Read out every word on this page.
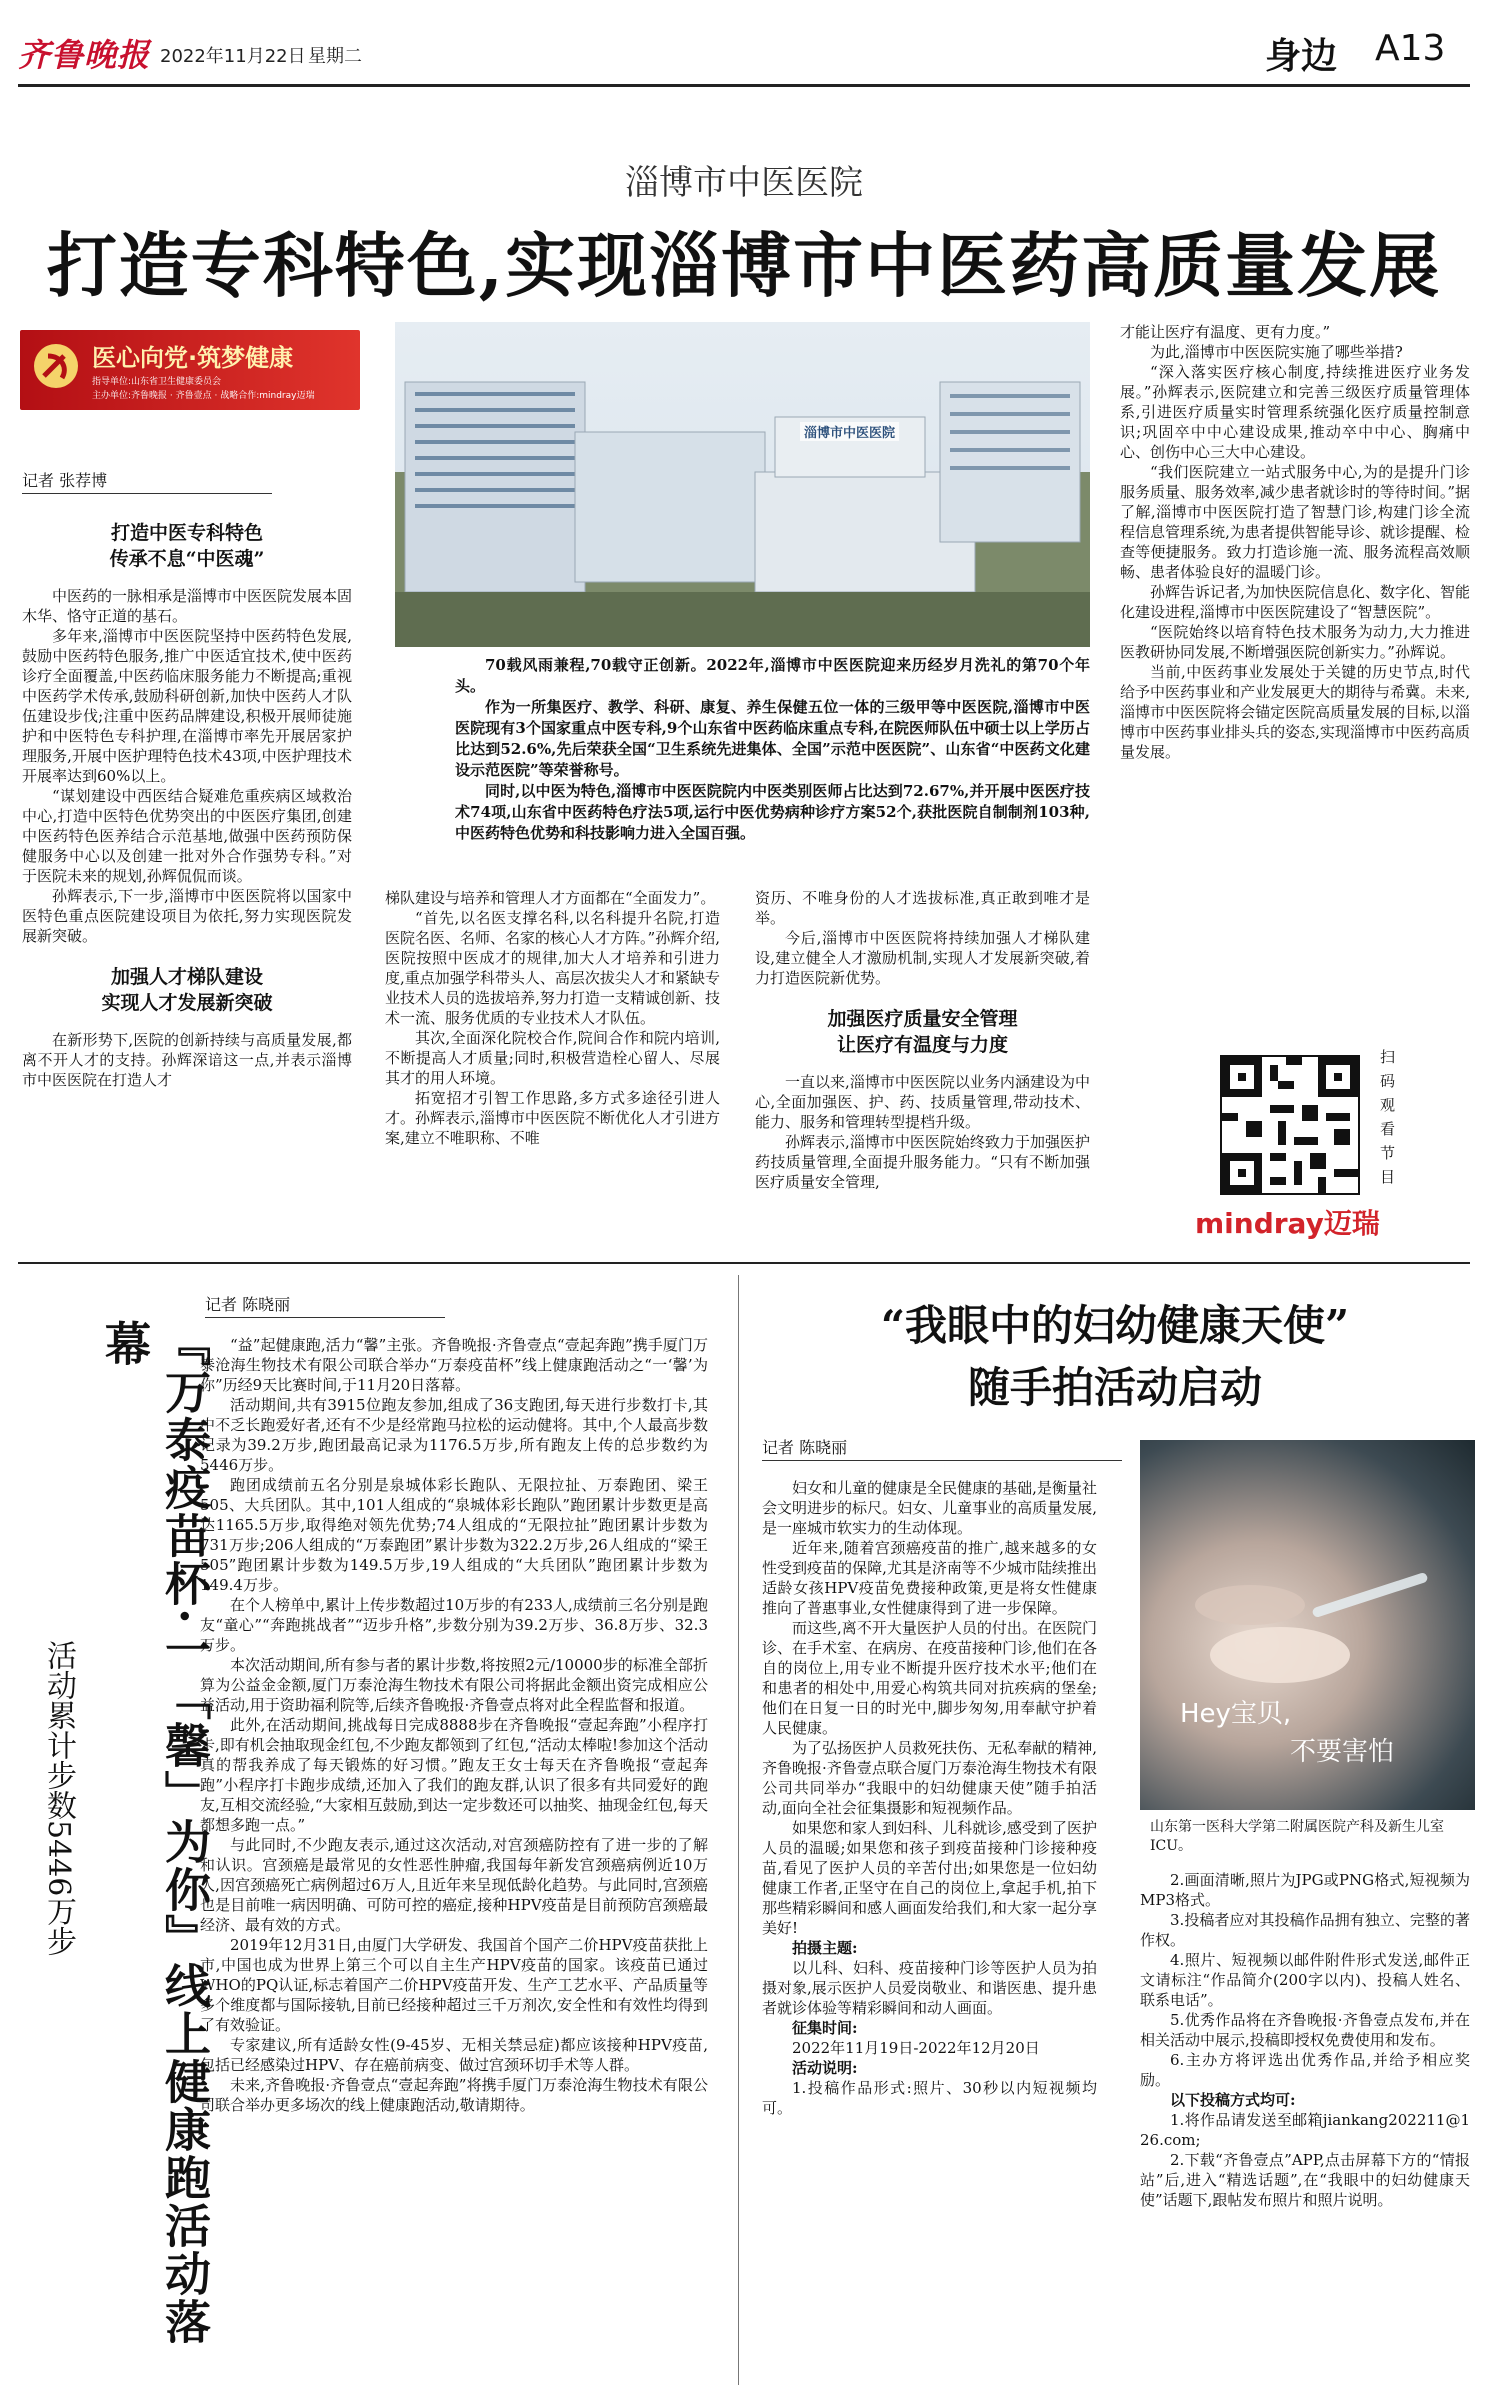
齐鲁晚报 2022年11月22日 星期二	身边 A13
淄博市中医医院
打造专科特色,实现淄博市中医药高质量发展
医心向党·筑梦健康
指导单位:山东省卫生健康委员会
主办单位:齐鲁晚报 · 齐鲁壹点 · 战略合作:mindray迈瑞
记者 张荐博
淄博市中医医院

70载风雨兼程,70载守正创新。2022年,淄博市中医医院迎来历经岁月洗礼的第70个年头。

作为一所集医疗、教学、科研、康复、养生保健五位一体的三级甲等中医医院,淄博市中医医院现有3个国家重点中医专科,9个山东省中医药临床重点专科,在院医师队伍中硕士以上学历占比达到52.6%,先后荣获全国“卫生系统先进集体、全国”示范中医医院”、山东省“中医药文化建设示范医院”等荣誉称号。

同时,以中医为特色,淄博市中医医院院内中医类别医师占比达到72.67%,并开展中医医疗技术74项,山东省中医药特色疗法5项,运行中医优势病种诊疗方案52个,获批医院自制制剂103种,中医药特色优势和科技影响力进入全国百强。

打造中医专科特色
传承不息“中医魂”

中医药的一脉相承是淄博市中医医院发展本固木华、恪守正道的基石。

多年来,淄博市中医医院坚持中医药特色发展,鼓励中医药特色服务,推广中医适宜技术,使中医药诊疗全面覆盖,中医药临床服务能力不断提高;重视中医药学术传承,鼓励科研创新,加快中医药人才队伍建设步伐;注重中医药品牌建设,积极开展师徒施护和中医特色专科护理,在淄博市率先开展居家护理服务,开展中医护理特色技术43项,中医护理技术开展率达到60%以上。

“谋划建设中西医结合疑难危重疾病区域救治中心,打造中医特色优势突出的中医医疗集团,创建中医药特色医养结合示范基地,做强中医药预防保健服务中心以及创建一批对外合作强势专科。”对于医院未来的规划,孙辉侃侃而谈。

孙辉表示,下一步,淄博市中医医院将以国家中医特色重点医院建设项目为依托,努力实现医院发展新突破。

加强人才梯队建设
实现人才发展新突破

在新形势下,医院的创新持续与高质量发展,都离不开人才的支持。孙辉深谙这一点,并表示淄博市中医医院在打造人才

梯队建设与培养和管理人才方面都在“全面发力”。

“首先,以名医支撑名科,以名科提升名院,打造医院名医、名师、名家的核心人才方阵。”孙辉介绍,医院按照中医成才的规律,加大人才培养和引进力度,重点加强学科带头人、高层次拔尖人才和紧缺专业技术人员的选拔培养,努力打造一支精诚创新、技术一流、服务优质的专业技术人才队伍。

其次,全面深化院校合作,院间合作和院内培训,不断提高人才质量;同时,积极营造栓心留人、尽展其才的用人环境。

拓宽招才引智工作思路,多方式多途径引进人才。孙辉表示,淄博市中医医院不断优化人才引进方案,建立不唯职称、不唯

资历、不唯身份的人才选拔标准,真正敢到唯才是举。

今后,淄博市中医医院将持续加强人才梯队建设,建立健全人才激励机制,实现人才发展新突破,着力打造医院新优势。

加强医疗质量安全管理
让医疗有温度与力度

一直以来,淄博市中医医院以业务内涵建设为中心,全面加强医、护、药、技质量管理,带动技术、能力、服务和管理转型提档升级。

孙辉表示,淄博市中医医院始终致力于加强医护药技质量管理,全面提升服务能力。“只有不断加强医疗质量安全管理,

才能让医疗有温度、更有力度。”

为此,淄博市中医医院实施了哪些举措?

“深入落实医疗核心制度,持续推进医疗业务发展。”孙辉表示,医院建立和完善三级医疗质量管理体系,引进医疗质量实时管理系统强化医疗质量控制意识;巩固卒中中心建设成果,推动卒中中心、胸痛中心、创伤中心三大中心建设。

“我们医院建立一站式服务中心,为的是提升门诊服务质量、服务效率,减少患者就诊时的等待时间。”据了解,淄博市中医医院打造了智慧门诊,构建门诊全流程信息管理系统,为患者提供智能导诊、就诊提醒、检查等便捷服务。致力打造诊施一流、服务流程高效顺畅、患者体验良好的温暖门诊。

孙辉告诉记者,为加快医院信息化、数字化、智能化建设进程,淄博市中医医院建设了“智慧医院”。

“医院始终以培育特色技术服务为动力,大力推进医教研协同发展,不断增强医院创新实力。”孙辉说。

当前,中医药事业发展处于关键的历史节点,时代给予中医药事业和产业发展更大的期待与希冀。未来,淄博市中医医院将会锚定医院高质量发展的目标,以淄博市中医药事业排头兵的姿态,实现淄博市中医药高质量发展。

扫码观看节目
mindray迈瑞
记者 陈晓丽
『万泰疫苗杯·一「馨」为你』线上健康跑活动落幕
活动累计步数5446万步

“益”起健康跑,活力“馨”主张。齐鲁晚报·齐鲁壹点“壹起奔跑”携手厦门万泰沧海生物技术有限公司联合举办“万泰疫苗杯”线上健康跑活动之“一‘馨’为你”历经9天比赛时间,于11月20日落幕。

活动期间,共有3915位跑友参加,组成了36支跑团,每天进行步数打卡,其中不乏长跑爱好者,还有不少是经常跑马拉松的运动健将。其中,个人最高步数记录为39.2万步,跑团最高记录为1176.5万步,所有跑友上传的总步数约为5446万步。

跑团成绩前五名分别是泉城体彩长跑队、无限拉扯、万泰跑团、梁王505、大兵团队。其中,101人组成的“泉城体彩长跑队”跑团累计步数更是高达1165.5万步,取得绝对领先优势;74人组成的“无限拉扯”跑团累计步数为731万步;206人组成的“万泰跑团”累计步数为322.2万步,26人组成的“梁王505”跑团累计步数为149.5万步,19人组成的“大兵团队”跑团累计步数为149.4万步。

在个人榜单中,累计上传步数超过10万步的有233人,成绩前三名分别是跑友“童心”“奔跑挑战者”“迈步升格”,步数分别为39.2万步、36.8万步、32.3万步。

本次活动期间,所有参与者的累计步数,将按照2元/10000步的标准全部折算为公益金金额,厦门万泰沧海生物技术有限公司将据此金额出资完成相应公益活动,用于资助福利院等,后续齐鲁晚报·齐鲁壹点将对此全程监督和报道。

此外,在活动期间,挑战每日完成8888步在齐鲁晚报“壹起奔跑”小程序打卡,即有机会抽取现金红包,不少跑友都领到了红包,“活动太棒啦!参加这个活动真的帮我养成了每天锻炼的好习惯。”跑友王女士每天在齐鲁晚报“壹起奔跑”小程序打卡跑步成绩,还加入了我们的跑友群,认识了很多有共同爱好的跑友,互相交流经验,“大家相互鼓励,到达一定步数还可以抽奖、抽现金红包,每天都想多跑一点。”

与此同时,不少跑友表示,通过这次活动,对宫颈癌防控有了进一步的了解和认识。宫颈癌是最常见的女性恶性肿瘤,我国每年新发宫颈癌病例近10万人,因宫颈癌死亡病例超过6万人,且近年来呈现低龄化趋势。与此同时,宫颈癌也是目前唯一病因明确、可防可控的癌症,接种HPV疫苗是目前预防宫颈癌最经济、最有效的方式。

2019年12月31日,由厦门大学研发、我国首个国产二价HPV疫苗获批上市,中国也成为世界上第三个可以自主生产HPV疫苗的国家。该疫苗已通过WHO的PQ认证,标志着国产二价HPV疫苗开发、生产工艺水平、产品质量等多个维度都与国际接轨,目前已经接种超过三千万剂次,安全性和有效性均得到了有效验证。

专家建议,所有适龄女性(9-45岁、无相关禁忌症)都应该接种HPV疫苗,包括已经感染过HPV、存在癌前病变、做过宫颈环切手术等人群。

未来,齐鲁晚报·齐鲁壹点“壹起奔跑”将携手厦门万泰沧海生物技术有限公司联合举办更多场次的线上健康跑活动,敬请期待。

“我眼中的妇幼健康天使”
随手拍活动启动
记者 陈晓丽

妇女和儿童的健康是全民健康的基础,是衡量社会文明进步的标尺。妇女、儿童事业的高质量发展,是一座城市软实力的生动体现。

近年来,随着宫颈癌疫苗的推广,越来越多的女性受到疫苗的保障,尤其是济南等不少城市陆续推出适龄女孩HPV疫苗免费接种政策,更是将女性健康推向了普惠事业,女性健康得到了进一步保障。

而这些,离不开大量医护人员的付出。在医院门诊、在手术室、在病房、在疫苗接种门诊,他们在各自的岗位上,用专业不断提升医疗技术水平;他们在和患者的相处中,用爱心构筑共同对抗疾病的堡垒;他们在日复一日的时光中,脚步匆匆,用奉献守护着人民健康。

为了弘扬医护人员救死扶伤、无私奉献的精神,齐鲁晚报·齐鲁壹点联合厦门万泰沧海生物技术有限公司共同举办“我眼中的妇幼健康天使”随手拍活动,面向全社会征集摄影和短视频作品。

如果您和家人到妇科、儿科就诊,感受到了医护人员的温暖;如果您和孩子到疫苗接种门诊接种疫苗,看见了医护人员的辛苦付出;如果您是一位妇幼健康工作者,正坚守在自己的岗位上,拿起手机,拍下那些精彩瞬间和感人画面发给我们,和大家一起分享美好!

拍摄主题:

以儿科、妇科、疫苗接种门诊等医护人员为拍摄对象,展示医护人员爱岗敬业、和谐医患、提升患者就诊体验等精彩瞬间和动人画面。

征集时间:

2022年11月19日-2022年12月20日

活动说明:

1.投稿作品形式:照片、30秒以内短视频均可。

Hey宝贝,
不要害怕
山东第一医科大学第二附属医院产科及新生儿室ICU。

2.画面清晰,照片为JPG或PNG格式,短视频为MP3格式。

3.投稿者应对其投稿作品拥有独立、完整的著作权。

4.照片、短视频以邮件附件形式发送,邮件正文请标注“作品简介(200字以内)、投稿人姓名、联系电话”。

5.优秀作品将在齐鲁晚报·齐鲁壹点发布,并在相关活动中展示,投稿即授权免费使用和发布。

6.主办方将评选出优秀作品,并给予相应奖励。

以下投稿方式均可:

1.将作品请发送至邮箱jiankang202211@126.com;

2.下载“齐鲁壹点”APP,点击屏幕下方的“情报站”后,进入“精选话题”,在“我眼中的妇幼健康天使”话题下,跟帖发布照片和照片说明。
